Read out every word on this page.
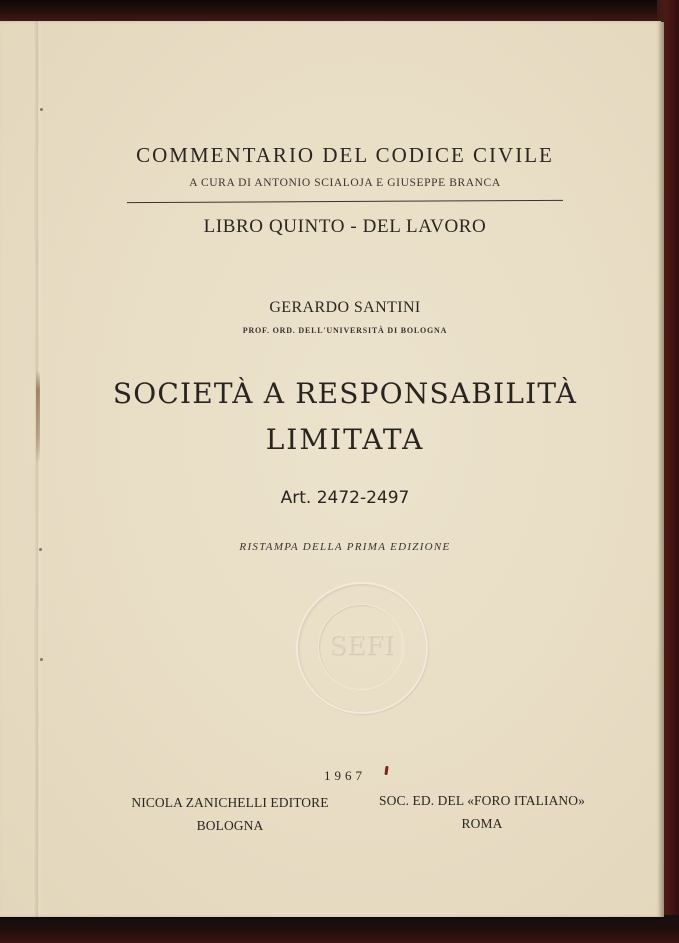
COMMENTARIO DEL CODICE CIVILE
A CURA DI ANTONIO SCIALOJA E GIUSEPPE BRANCA
LIBRO QUINTO - DEL LAVORO
GERARDO SANTINI
PROF. ORD. DELL'UNIVERSITÀ DI BOLOGNA
SOCIETÀ A RESPONSABILITÀ
LIMITATA
Art. 2472-2497
RISTAMPA DELLA PRIMA EDIZIONE
SEFI
1967
NICOLA ZANICHELLI EDITORE
BOLOGNA
SOC. ED. DEL «FORO ITALIANO»
ROMA
